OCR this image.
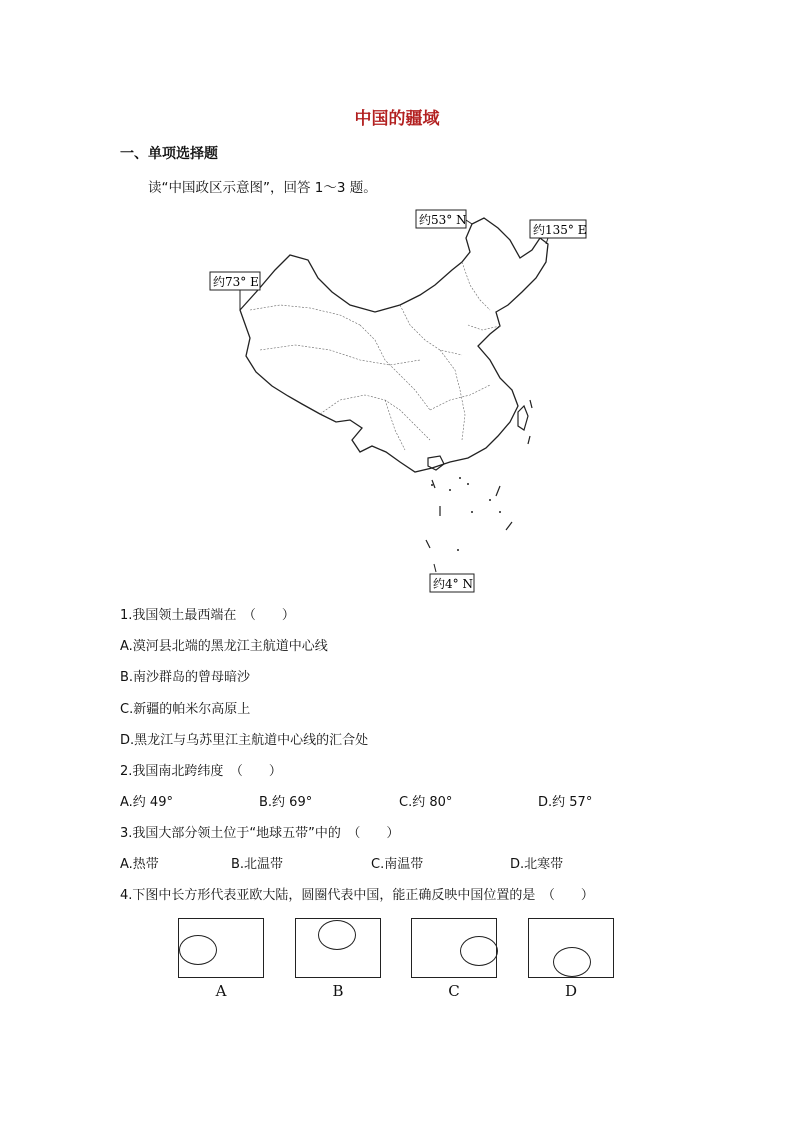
中国的疆域
一、单项选择题
读“中国政区示意图”，回答 1～3 题。
约53° N
约135° E
约73° E
约4° N
1.我国领土最西端在　（　　）
A.漠河县北端的黑龙江主航道中心线
B.南沙群岛的曾母暗沙
C.新疆的帕米尔高原上
D.黑龙江与乌苏里江主航道中心线的汇合处
2.我国南北跨纬度　（　　）
A.约 49°	B.约 69°	C.约 80°	D.约 57°
3.我国大部分领土位于“地球五带”中的　（　　）
A.热带	B.北温带	C.南温带	D.北寒带
4.下图中长方形代表亚欧大陆，圆圈代表中国，能正确反映中国位置的是　（　　）
A	B	C	D
